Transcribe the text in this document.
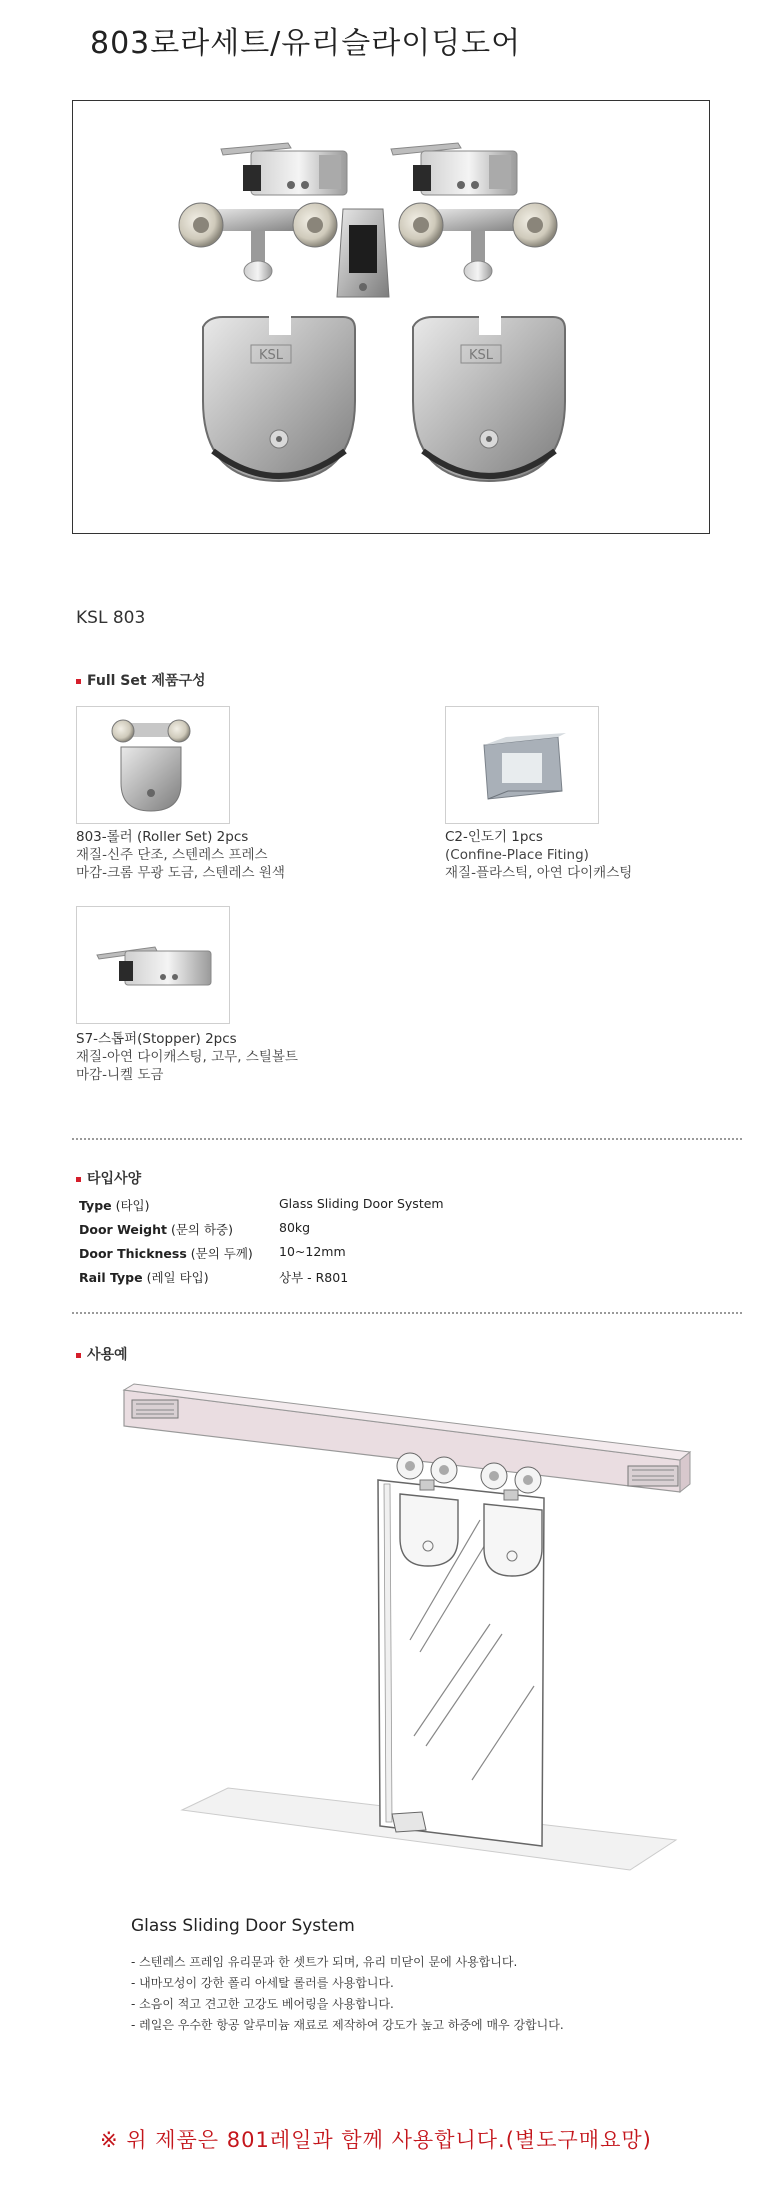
803로라세트/유리슬라이딩도어
KSL	KSL
KSL 803
Full Set 제품구성
803-롤러 (Roller Set) 2pcs
재질-신주 단조, 스텐레스 프레스
마감-크롬 무광 도금, 스텐레스 원색
C2-인도기 1pcs
(Confine-Place Fiting)
재질-플라스틱, 아연 다이캐스팅
S7-스톱퍼(Stopper) 2pcs
재질-아연 다이캐스팅, 고무, 스틸볼트
마감-니켈 도금
타입사양
Type (타입)	Glass Sliding Door System
Door Weight (문의 하중)	80kg
Door Thickness (문의 두께) 10~12mm
Rail Type (레일 타입)	상부 - R801
사용예
Glass Sliding Door System
- 스텐레스 프레임 유리문과 한 셋트가 되며, 유리 미닫이 문에 사용합니다.
- 내마모성이 강한 폴리 아세탈 롤러를 사용합니다.
- 소음이 적고 견고한 고강도 베어링을 사용합니다.
- 레일은 우수한 항공 알루미늄 재료로 제작하여 강도가 높고 하중에 매우 강합니다.
※ 위 제품은 801레일과 함께 사용합니다.(별도구매요망)
